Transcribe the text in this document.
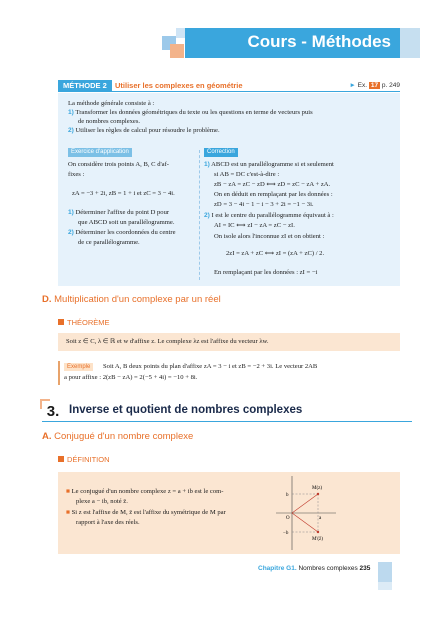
Cours - Méthodes
MÉTHODE 2	Utiliser les complexes en géométrie	► Ex. 17 p. 249
La méthode générale consiste à :
1) Transformer les données géométriques du texte ou les questions en terme de vecteurs puis
de nombres complexes.
2) Utiliser les règles de calcul pour résoudre le problème.
Exercice d'application
On considère trois points A, B, C d'af-
fixes :
zA = −3 + 2i, zB = 1 + i et zC = 3 − 4i.
1) Déterminer l'affixe du point D pour
que ABCD soit un parallélogramme.
2) Déterminer les coordonnées du centre
de ce parallélogramme.
Correction
1) ABCD est un parallélogramme si et seulement
si AB = DC c'est-à-dire :
zB − zA = zC − zD ⟺ zD = zC − zA + zA.
On en déduit en remplaçant par les données :
zD = 3 − 4i − 1 − i − 3 + 2i = −1 − 3i.
2) I est le centre du parallélogramme équivaut à :
AI = IC ⟺ zI − zA = zC − zI.
On isole alors l'inconnue zI et on obtient :
2zI = zA + zC ⟺ zI = (zA + zC) / 2.
En remplaçant par les données : zI = −i
D. Multiplication d'un complexe par un réel
THÉORÈME
Soit z ∈ C, λ ∈ ℝ et w d'affixe z. Le complexe λz est l'affixe du vecteur λw.
Exemple	Soit A, B deux points du plan d'affixe zA = 3 − i et zB = −2 + 3i. Le vecteur 2AB
a pour affixe : 2(zB − zA) = 2(−5 + 4i) = −10 + 8i.
3. Inverse et quotient de nombres complexes
A. Conjugué d'un nombre complexe
DÉFINITION
■ Le conjugué d'un nombre complexe z = a + ib est le com-
plexe a − ib, noté z̄.
■ Si z est l'affixe de M, z̄ est l'affixe du symétrique de M par
rapport à l'axe des réels.
M(z)
M'(z̄)
b
−b
a
O
Chapitre G1. Nombres complexes 235
